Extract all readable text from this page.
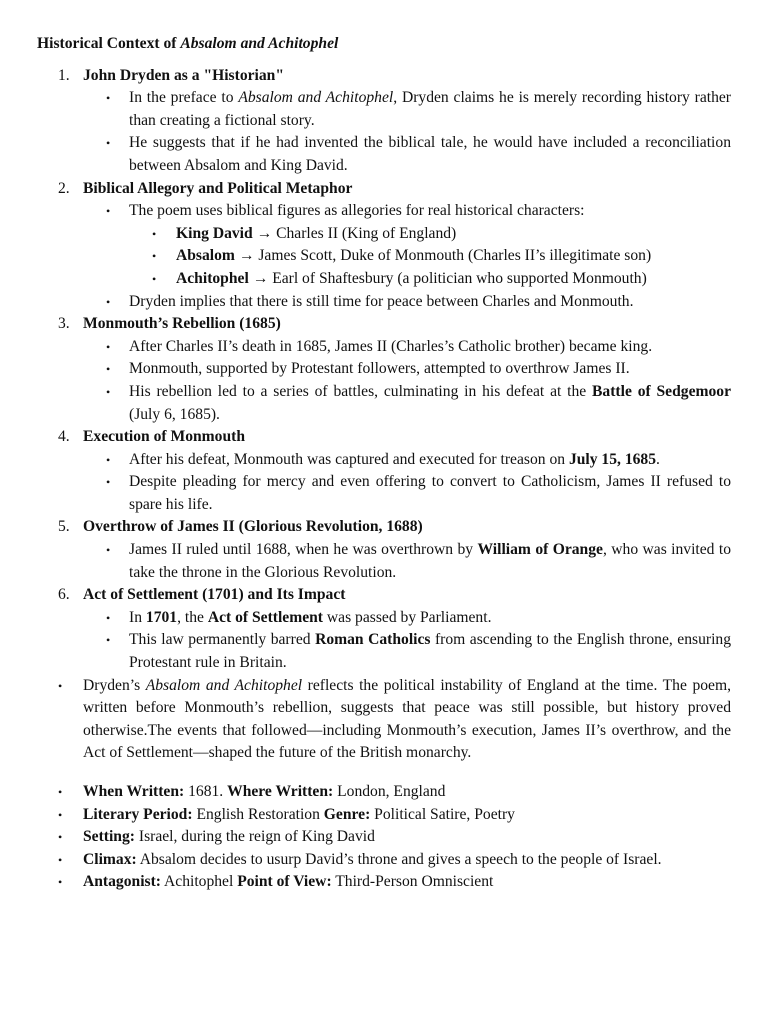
Historical Context of Absalom and Achitophel
1. John Dryden as a "Historian"
• In the preface to Absalom and Achitophel, Dryden claims he is merely recording history rather than creating a fictional story.
• He suggests that if he had invented the biblical tale, he would have included a reconciliation between Absalom and King David.
2. Biblical Allegory and Political Metaphor
• The poem uses biblical figures as allegories for real historical characters:
• King David → Charles II (King of England)
• Absalom → James Scott, Duke of Monmouth (Charles II’s illegitimate son)
• Achitophel → Earl of Shaftesbury (a politician who supported Monmouth)
• Dryden implies that there is still time for peace between Charles and Monmouth.
3. Monmouth’s Rebellion (1685)
• After Charles II’s death in 1685, James II (Charles’s Catholic brother) became king.
• Monmouth, supported by Protestant followers, attempted to overthrow James II.
• His rebellion led to a series of battles, culminating in his defeat at the Battle of Sedgemoor (July 6, 1685).
4. Execution of Monmouth
• After his defeat, Monmouth was captured and executed for treason on July 15, 1685.
• Despite pleading for mercy and even offering to convert to Catholicism, James II refused to spare his life.
5. Overthrow of James II (Glorious Revolution, 1688)
• James II ruled until 1688, when he was overthrown by William of Orange, who was invited to take the throne in the Glorious Revolution.
6. Act of Settlement (1701) and Its Impact
• In 1701, the Act of Settlement was passed by Parliament.
• This law permanently barred Roman Catholics from ascending to the English throne, ensuring Protestant rule in Britain.
• Dryden’s Absalom and Achitophel reflects the political instability of England at the time. The poem, written before Monmouth’s rebellion, suggests that peace was still possible, but history proved otherwise.The events that followed—including Monmouth’s execution, James II’s overthrow, and the Act of Settlement—shaped the future of the British monarchy.
• When Written: 1681. Where Written: London, England
• Literary Period: English Restoration Genre: Political Satire, Poetry
• Setting: Israel, during the reign of King David
• Climax: Absalom decides to usurp David’s throne and gives a speech to the people of Israel.
• Antagonist: Achitophel Point of View: Third-Person Omniscient
